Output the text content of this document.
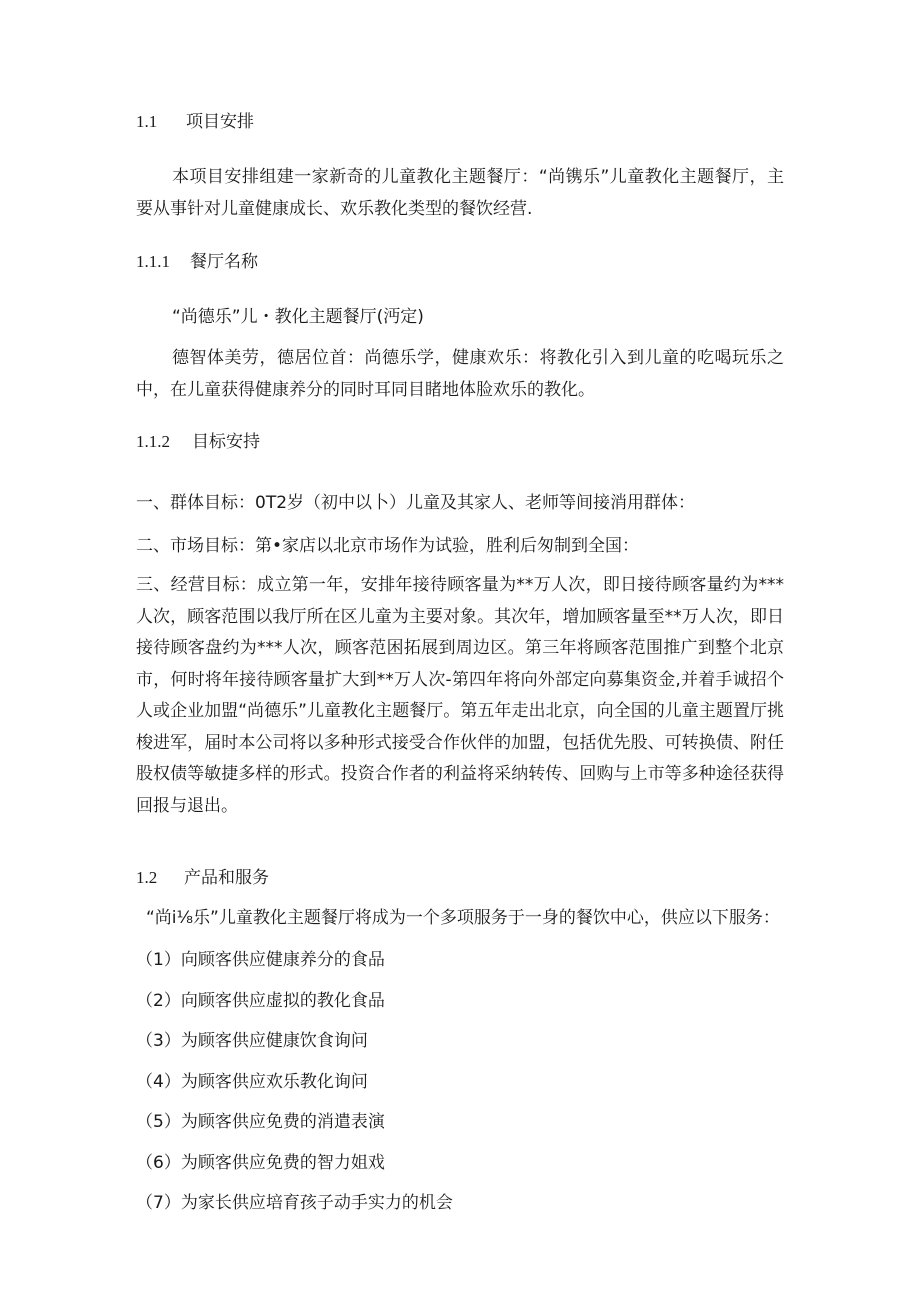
1.1 项目安排
本项目安排组建一家新奇的儿童教化主题餐厅：“尚镌乐”儿童教化主题餐厅，主要从事针对儿童健康成长、欢乐教化类型的餐饮经营.
1.1.1 餐厅名称
“尚德乐”儿・教化主题餐厅(沔定)
德智体美劳，德居位首：尚德乐学，健康欢乐：将教化引入到儿童的吃喝玩乐之中，在儿童获得健康养分的同时耳同目睹地体脸欢乐的教化。
1.1.2 目标安持
一、群体目标：0T2岁（初中以卜）儿童及其家人、老师等间接消用群体：
二、市场目标：第•家店以北京市场作为试验，胜利后匆制到全国：
三、经营目标：成立第一年，安排年接待顾客量为**万人次，即日接待顾客量约为***人次，顾客范围以我厅所在区儿童为主要对象。其次年，增加顾客量至**万人次，即日接待顾客盘约为***人次，顾客范困拓展到周边区。第三年将顾客范围推广到整个北京市，何时将年接待顾客量扩大到**万人次-第四年将向外部定向募集资金,并着手诚招个人或企业加盟“尚德乐”儿童教化主题餐厅。第五年走出北京，向全国的儿童主题置厅挑梭进军，届时本公司将以多种形式接受合作伙伴的加盟，包括优先股、可转换债、附任股权债等敏捷多样的形式。投资合作者的利益将采纳转传、回购与上市等多种途径获得回报与退出。
1.2 产品和服务
“尚i⅛乐”儿童教化主题餐厅将成为一个多项服务于一身的餐饮中心，供应以下服务：
（1）向顾客供应健康养分的食品
（2）向顾客供应虚拟的教化食品
（3）为顾客供应健康饮食询问
（4）为顾客供应欢乐教化询问
（5）为顾客供应免费的消遣表演
（6）为顾客供应免费的智力姐戏
（7）为家长供应培育孩子动手实力的机会
